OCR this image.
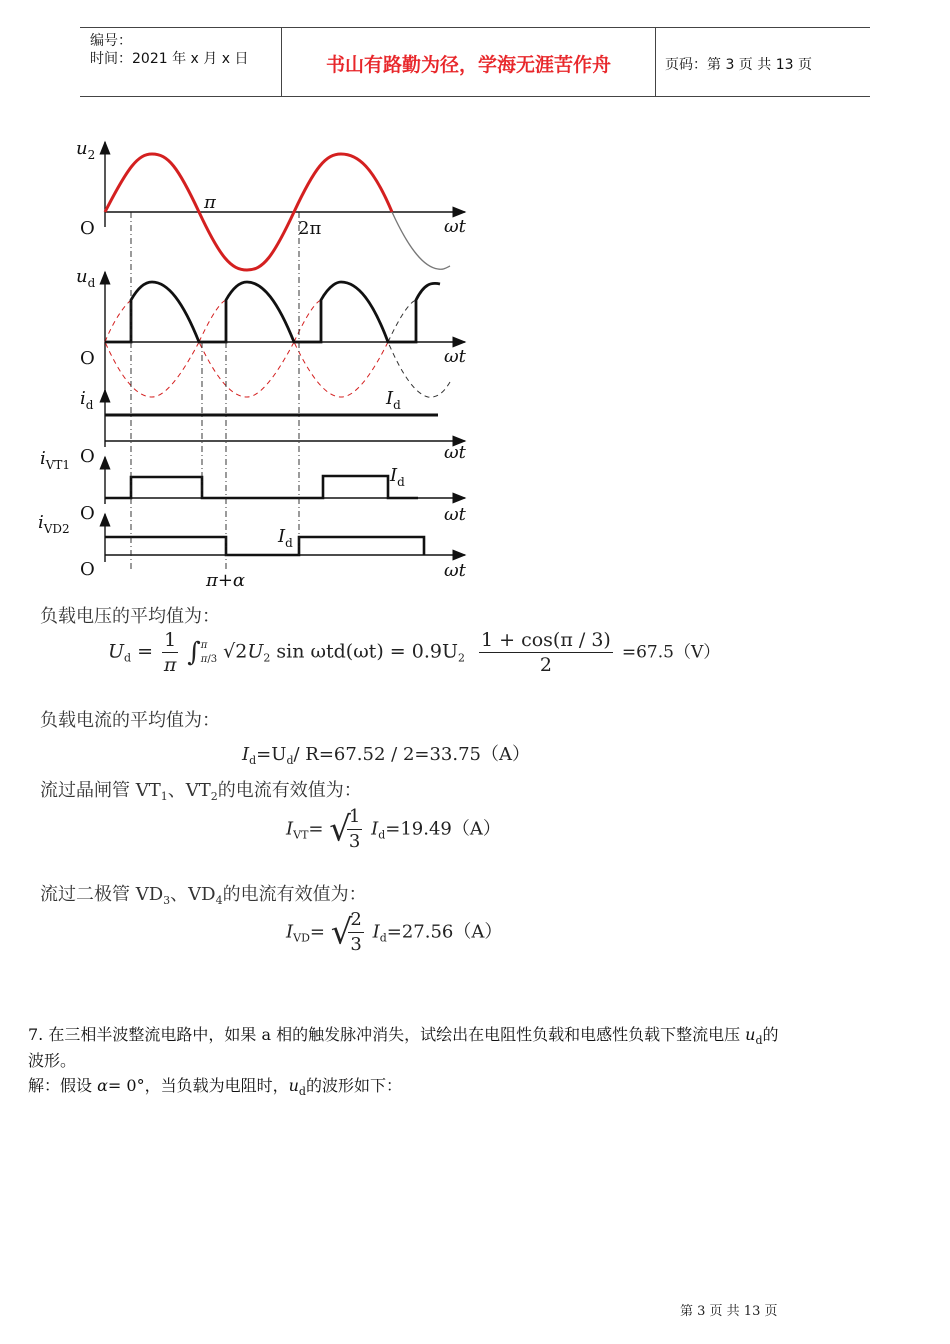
编号：
时间：2021 年 x 月 x 日	书山有路勤为径，学海无涯苦作舟	页码：第 3 页 共 13 页
$u_2$
O
π
2π	ωt
$u_d$
O	ωt
$i_d$	$I_d$
O	ωt
$i_{VT1}$	$I_d$
O	ωt
$i_{VD2}$	$I_d$
O	ωt
π+α
负载电压的平均值为：
$U_d = \frac{1}{\pi} \int\pi$
π/3 $√2U_2$ $\sin \omega td(\omega t) = 0.9U_2 \frac{1 + \cos(\pi / 3)}{2} =67.5(V)$
负载电流的平均值为：
$I_d=U_d/$ R=67.52 / 2=33.75（A）
流过晶闸管 $VT_1$、$VT_2$的电流有效值为：
$I_{VT}=$ √
$\frac{1}{3} I_d=19.49(A)$
流过二极管 $VD_3$、$VD_4$的电流有效值为：
$I_{VD}=$ √
$\frac{2}{3} I_d=27.56(A)$
7. 在三相半波整流电路中，如果 a 相的触发脉冲消失，试绘出在电阻性负载和电感性负载下整流电压 $u_d$的
波形。
解：假设 α= 0°，当负载为电阻时，$u_d$的波形如下：
第 3 页 共 13 页
